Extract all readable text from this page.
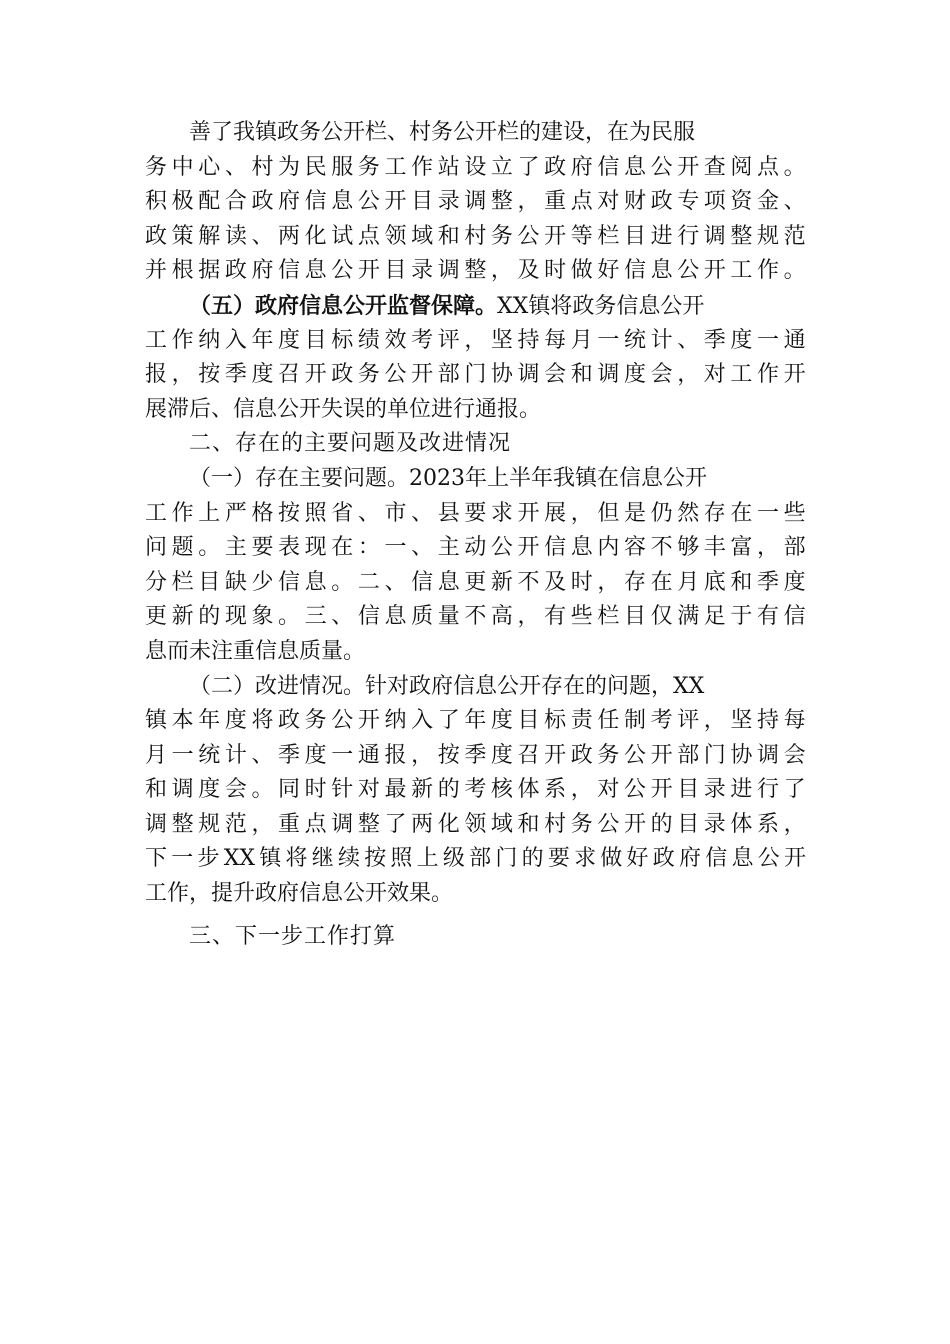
善了我镇政务公开栏、村务公开栏的建设，在为民服
务 中 心 、 村 为 民 服 务 工 作 站 设 立 了 政 府 信 息 公 开 查 阅 点 。
积 极 配 合 政 府 信 息 公 开 目 录 调 整 ， 重 点 对 财 政 专 项 资 金 、
政 策 解 读 、 两 化 试 点 领 域 和 村 务 公 开 等 栏 目 进 行 调 整 规 范
并 根 据 政 府 信 息 公 开 目 录 调 整 ， 及 时 做 好 信 息 公 开 工 作 。
（五）政府信息公开监督保障。XX镇将政务信息公开
工 作 纳 入 年 度 目 标 绩 效 考 评 ， 坚 持 每 月 一 统 计 、 季 度 一 通
报 ， 按 季 度 召 开 政 务 公 开 部 门 协 调 会 和 调 度 会 ， 对 工 作 开
展滞后、信息公开失误的单位进行通报。
二、存在的主要问题及改进情况
（一）存在主要问题。2023年上半年我镇在信息公开
工 作 上 严 格 按 照 省 、 市 、 县 要 求 开 展 ， 但 是 仍 然 存 在 一 些
问 题 。 主 要 表 现 在 ： 一 、 主 动 公 开 信 息 内 容 不 够 丰 富 ， 部
分 栏 目 缺 少 信 息 。 二 、 信 息 更 新 不 及 时 ， 存 在 月 底 和 季 度
更 新 的 现 象 。 三 、 信 息 质 量 不 高 ， 有 些 栏 目 仅 满 足 于 有 信
息而未注重信息质量。
（二）改进情况。针对政府信息公开存在的问题，XX
镇 本 年 度 将 政 务 公 开 纳 入 了 年 度 目 标 责 任 制 考 评 ， 坚 持 每
月 一 统 计 、 季 度 一 通 报 ， 按 季 度 召 开 政 务 公 开 部 门 协 调 会
和 调 度 会 。 同 时 针 对 最 新 的 考 核 体 系 ， 对 公 开 目 录 进 行 了
调 整 规 范 ， 重 点 调 整 了 两 化 领 域 和 村 务 公 开 的 目 录 体 系 ，
下 一 步 XX 镇 将 继 续 按 照 上 级 部 门 的 要 求 做 好 政 府 信 息 公 开
工作，提升政府信息公开效果。
三、下一步工作打算
